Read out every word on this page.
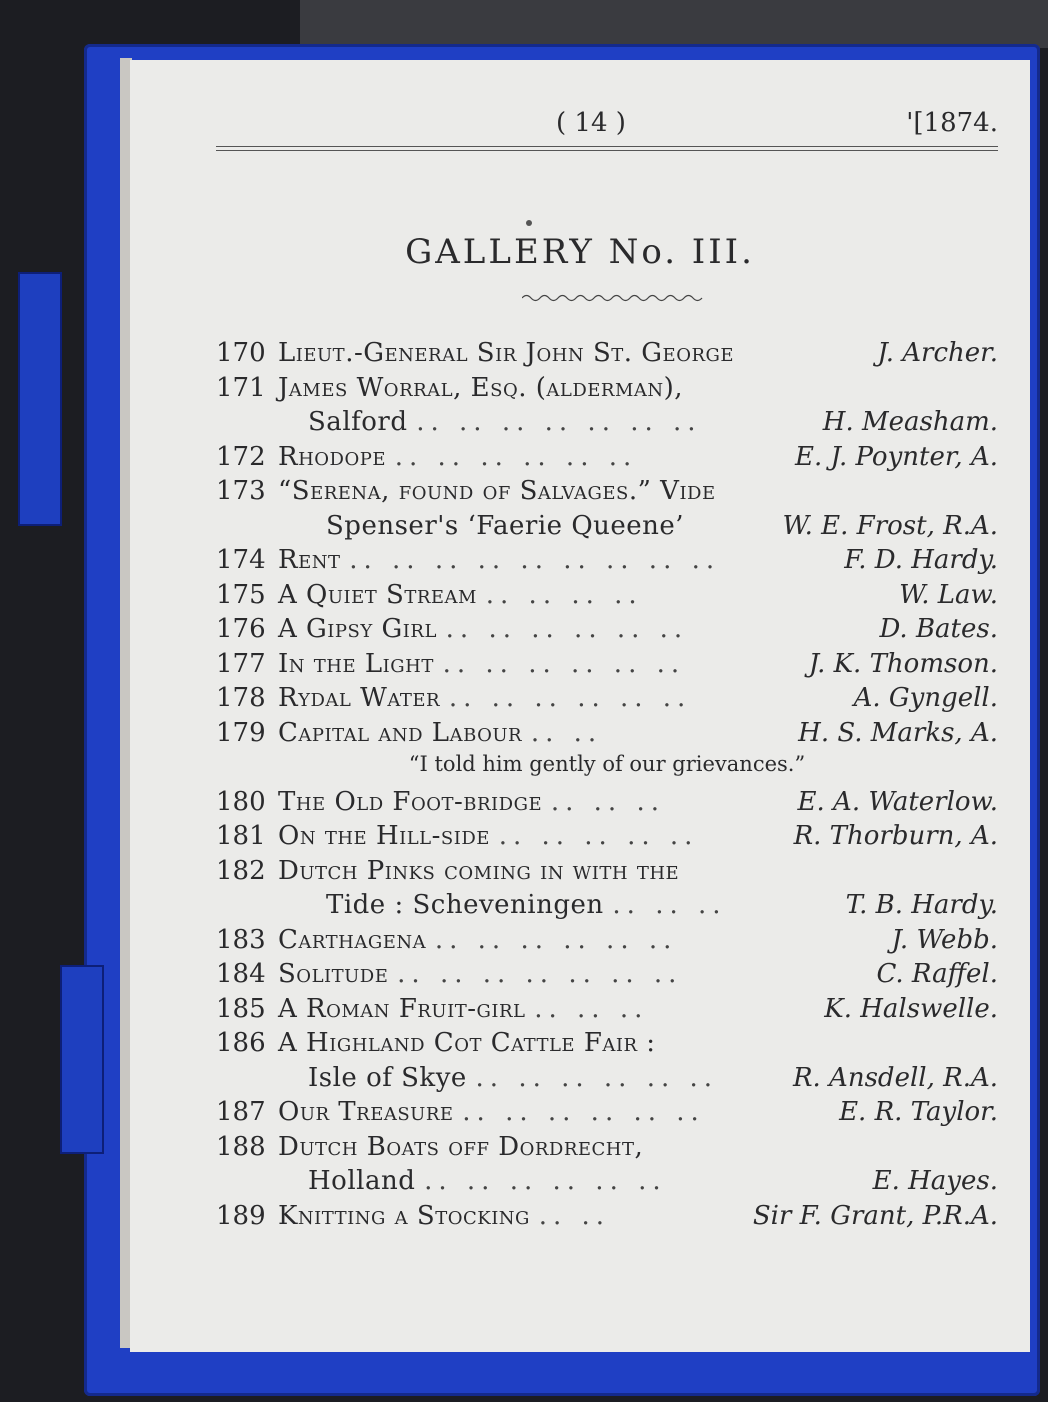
( 14 )	'[1874.
GALLERY No. III.
170 Lieut.-General Sir John St. George	J. Archer.
171 James Worral, Esq. (alderman),
Salford .. .. .. .. .. .. ..	H. Measham.
172 Rhodope .. .. .. .. .. ..	E. J. Poynter, A.
173 “Serena, found of Salvages.” Vide
Spenser's ‘Faerie Queene’	W. E. Frost, R.A.
174 Rent .. .. .. .. .. .. .. .. ..	F. D. Hardy.
175 A Quiet Stream .. .. .. ..	W. Law.
176 A Gipsy Girl .. .. .. .. .. ..	D. Bates.
177 In the Light .. .. .. .. .. ..	J. K. Thomson.
178 Rydal Water .. .. .. .. .. ..	A. Gyngell.
179 Capital and Labour .. ..	H. S. Marks, A.
“I told him gently of our grievances.”
180 The Old Foot-bridge .. .. ..	E. A. Waterlow.
181 On the Hill-side .. .. .. .. ..	R. Thorburn, A.
182 Dutch Pinks coming in with the
Tide : Scheveningen .. .. ..	T. B. Hardy.
183 Carthagena .. .. .. .. .. ..	J. Webb.
184 Solitude .. .. .. .. .. .. ..	C. Raffel.
185 A Roman Fruit-girl .. .. ..	K. Halswelle.
186 A Highland Cot Cattle Fair :
Isle of Skye .. .. .. .. .. ..	R. Ansdell, R.A.
187 Our Treasure .. .. .. .. .. ..	E. R. Taylor.
188 Dutch Boats off Dordrecht,
Holland .. .. .. .. .. ..	E. Hayes.
189 Knitting a Stocking .. ..	Sir F. Grant, P.R.A.
